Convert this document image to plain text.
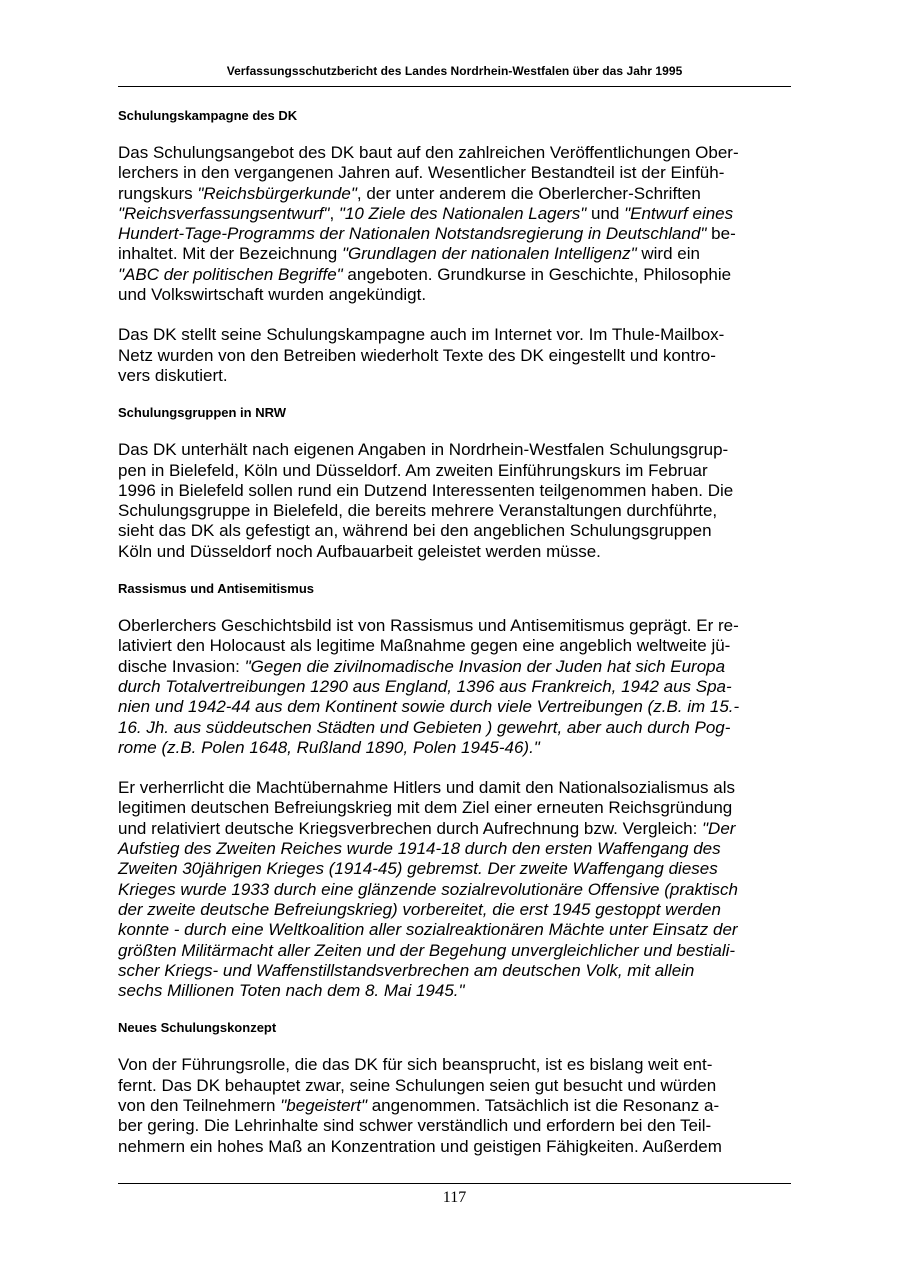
Verfassungsschutzbericht des Landes Nordrhein-Westfalen über das Jahr 1995
Schulungskampagne des DK
Das Schulungsangebot des DK baut auf den zahlreichen Veröffentlichungen Ober-
lerchers in den vergangenen Jahren auf. Wesentlicher Bestandteil ist der Einfüh-
rungskurs "Reichsbürgerkunde", der unter anderem die Oberlercher-Schriften
"Reichsverfassungsentwurf", "10 Ziele des Nationalen Lagers" und "Entwurf eines
Hundert-Tage-Programms der Nationalen Notstandsregierung in Deutschland" be-
inhaltet. Mit der Bezeichnung "Grundlagen der nationalen Intelligenz" wird ein
"ABC der politischen Begriffe" angeboten. Grundkurse in Geschichte, Philosophie
und Volkswirtschaft wurden angekündigt.
Das DK stellt seine Schulungskampagne auch im Internet vor. Im Thule-Mailbox-
Netz wurden von den Betreiben wiederholt Texte des DK eingestellt und kontro-
vers diskutiert.
Schulungsgruppen in NRW
Das DK unterhält nach eigenen Angaben in Nordrhein-Westfalen Schulungsgrup-
pen in Bielefeld, Köln und Düsseldorf. Am zweiten Einführungskurs im Februar
1996 in Bielefeld sollen rund ein Dutzend Interessenten teilgenommen haben. Die
Schulungsgruppe in Bielefeld, die bereits mehrere Veranstaltungen durchführte,
sieht das DK als gefestigt an, während bei den angeblichen Schulungsgruppen
Köln und Düsseldorf noch Aufbauarbeit geleistet werden müsse.
Rassismus und Antisemitismus
Oberlerchers Geschichtsbild ist von Rassismus und Antisemitismus geprägt. Er re-
lativiert den Holocaust als legitime Maßnahme gegen eine angeblich weltweite jü-
dische Invasion: "Gegen die zivilnomadische Invasion der Juden hat sich Europa
durch Totalvertreibungen 1290 aus England, 1396 aus Frankreich, 1942 aus Spa-
nien und 1942-44 aus dem Kontinent sowie durch viele Vertreibungen (z.B. im 15.-
16. Jh. aus süddeutschen Städten und Gebieten ) gewehrt, aber auch durch Pog-
rome (z.B. Polen 1648, Rußland 1890, Polen 1945-46)."
Er verherrlicht die Machtübernahme Hitlers und damit den Nationalsozialismus als
legitimen deutschen Befreiungskrieg mit dem Ziel einer erneuten Reichsgründung
und relativiert deutsche Kriegsverbrechen durch Aufrechnung bzw. Vergleich: "Der
Aufstieg des Zweiten Reiches wurde 1914-18 durch den ersten Waffengang des
Zweiten 30jährigen Krieges (1914-45) gebremst. Der zweite Waffengang dieses
Krieges wurde 1933 durch eine glänzende sozialrevolutionäre Offensive (praktisch
der zweite deutsche Befreiungskrieg) vorbereitet, die erst 1945 gestoppt werden
konnte - durch eine Weltkoalition aller sozialreaktionären Mächte unter Einsatz der
größten Militärmacht aller Zeiten und der Begehung unvergleichlicher und bestiali-
scher Kriegs- und Waffenstillstandsverbrechen am deutschen Volk, mit allein
sechs Millionen Toten nach dem 8. Mai 1945."
Neues Schulungskonzept
Von der Führungsrolle, die das DK für sich beansprucht, ist es bislang weit ent-
fernt. Das DK behauptet zwar, seine Schulungen seien gut besucht und würden
von den Teilnehmern "begeistert" angenommen. Tatsächlich ist die Resonanz a-
ber gering. Die Lehrinhalte sind schwer verständlich und erfordern bei den Teil-
nehmern ein hohes Maß an Konzentration und geistigen Fähigkeiten. Außerdem
117
